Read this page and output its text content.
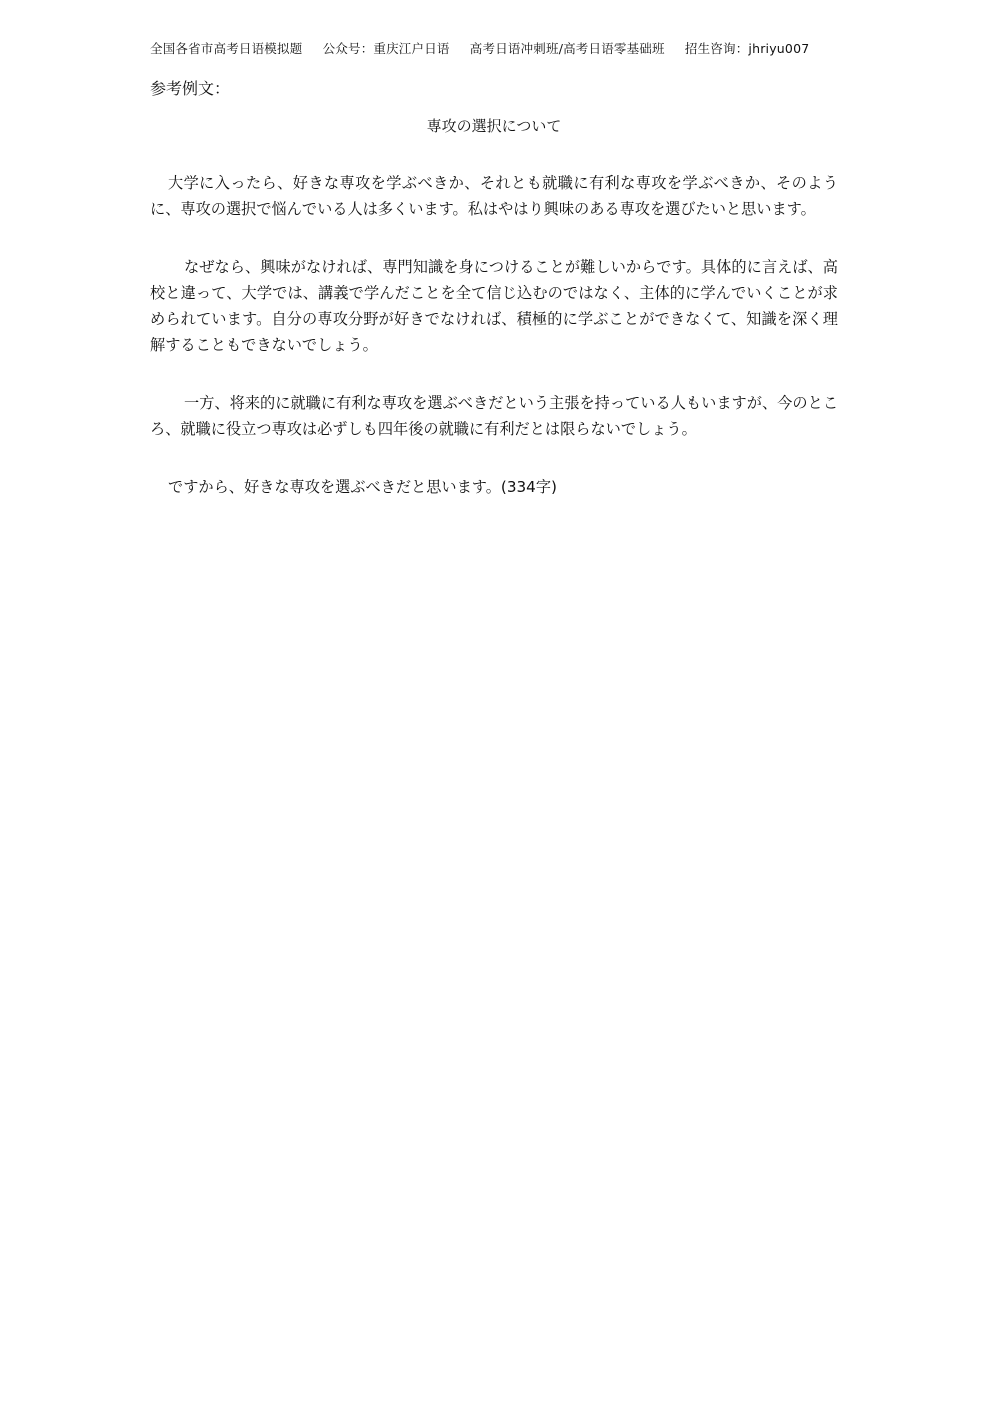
全国各省市高考日语模拟题 公众号：重庆江户日语 高考日语冲刺班/高考日语零基础班 招生咨询：jhriyu007
参考例文：
専攻の選択について

大学に入ったら、好きな専攻を学ぶべきか、それとも就職に有利な専攻を学ぶべきか、そのように、専攻の選択で悩んでいる人は多くいます。私はやはり興味のある専攻を選びたいと思います。

なぜなら、興味がなければ、専門知識を身につけることが難しいからです。具体的に言えば、高校と違って、大学では、講義で学んだことを全て信じ込むのではなく、主体的に学んでいくことが求められています。自分の専攻分野が好きでなければ、積極的に学ぶことができなくて、知識を深く理解することもできないでしょう。

一方、将来的に就職に有利な専攻を選ぶべきだという主張を持っている人もいますが、今のところ、就職に役立つ専攻は必ずしも四年後の就職に有利だとは限らないでしょう。

ですから、好きな専攻を選ぶべきだと思います。(334字)
